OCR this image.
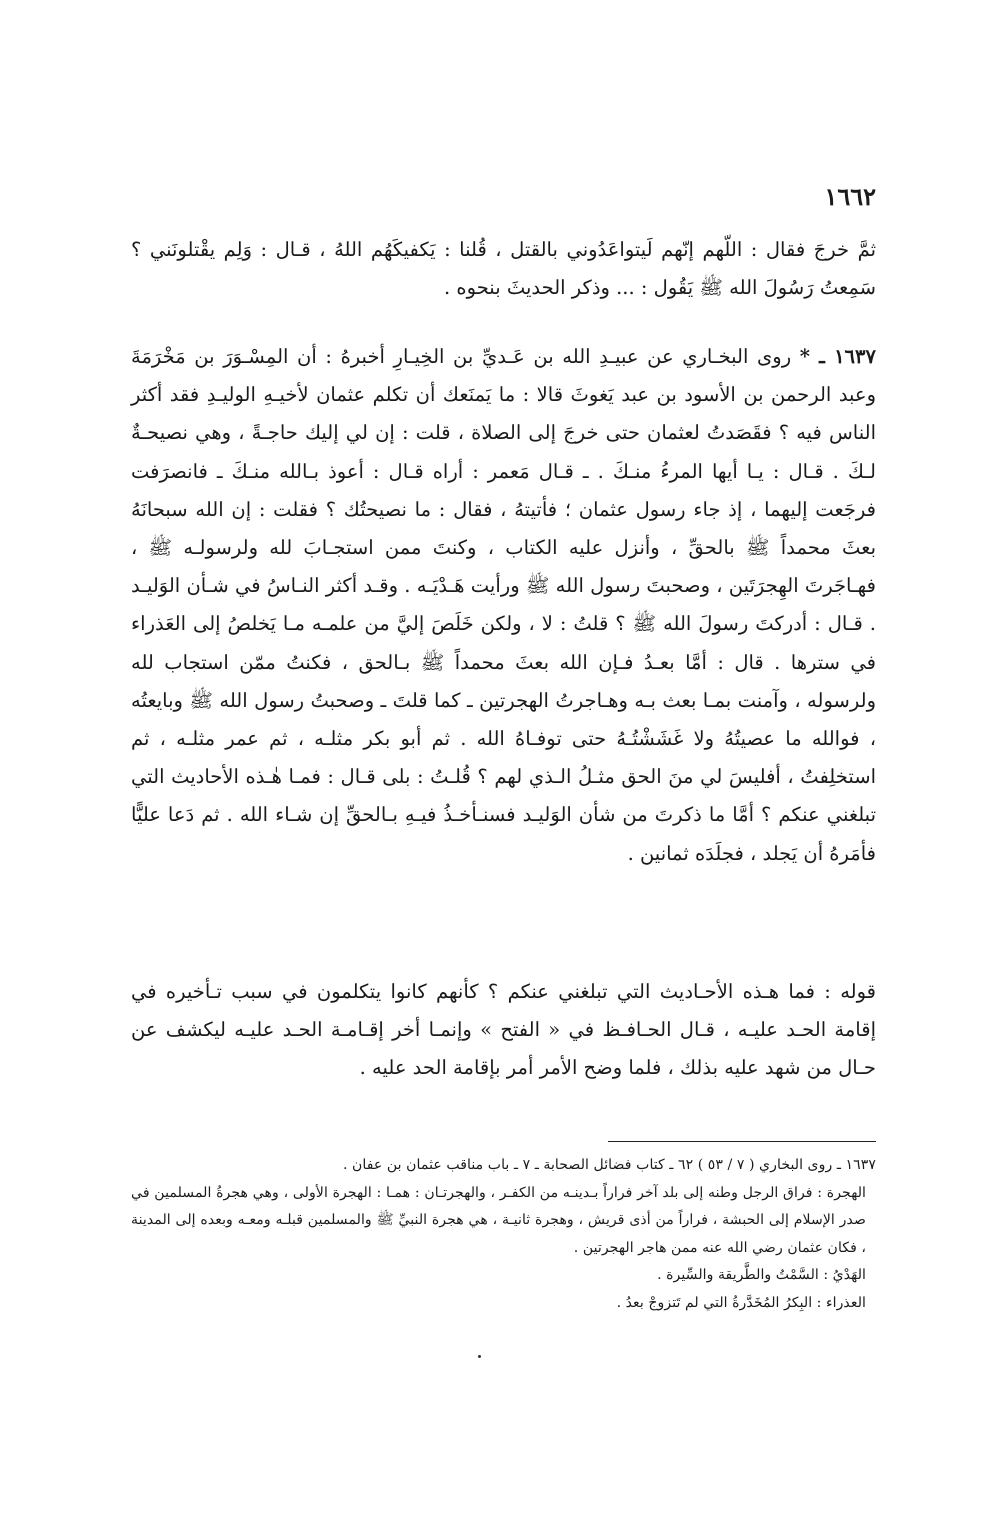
١٦٦٢

ثمَّ خرجَ فقال : اللّهم إنّهم لَيتواعَدُوني بالقتل ، قُلنا : يَكفيكَهُم اللهُ ، قـال : وَلِم يقْتلونَني ؟ سَمِعتُ رَسُولَ الله ﷺ يَقُول : ... وذكر الحديثَ بنحوه .

١٦٣٧ ـ * روى البخـاري عن عبيـدِ الله بن عَـديِّ بن الخِيـارِ أخبرهُ : أن المِسْـوَرَ بن مَخْرَمَةَ وعبد الرحمن بن الأسود بن عبد يَغوثَ قالا : ما يَمنَعك أن تكلم عثمان لأخيـهِ الوليـدِ فقد أكثر الناس فيه ؟ فقَصَدتُ لعثمان حتى خرجَ إلى الصلاة ، قلت : إن لي إليك حاجـةً ، وهي نصيحـةٌ لـكَ . قـال : يـا أيها المرءُ منـكَ . ـ قـال مَعمر : أراه قـال : أعوذ بـالله منـكَ ـ فانصرَفت فرجَعت إليهما ، إذ جاء رسول عثمان ؛ فأتيتهُ ، فقال : ما نصيحتُك ؟ فقلت : إن الله سبحانَهُ بعثَ محمداً ﷺ بالحقِّ ، وأنزل عليه الكتاب ، وكنتَ ممن استجـابَ لله ولرسولـه ﷺ ، فهـاجَرتَ الهِجرَتَين ، وصحبتَ رسول الله ﷺ ورأيت هَـدْيَـه . وقـد أكثر النـاسُ في شـأن الوَليـد . قـال : أدركتَ رسولَ الله ﷺ ؟ قلتُ : لا ، ولكن خَلَصَ إليَّ من علمـه مـا يَخلصُ إلى العَذراء في سترها . قال : أمَّا بعـدُ فـإن الله بعثَ محمداً ﷺ بـالحق ، فكنتُ ممّن استجاب لله ولرسوله ، وآمنت بمـا بعث بـه وهـاجرتُ الهجرتين ـ كما قلتَ ـ وصحبتُ رسول الله ﷺ وبايعتُه ، فوالله ما عصيتُهُ ولا غَشَشْتُـهُ حتى توفـاهُ الله . ثم أبو بكر مثلـه ، ثم عمر مثلـه ، ثم استخلِفتُ ، أفليسَ لي منَ الحق مثـلُ الـذي لهم ؟ قُلـتُ : بلى قـال : فمـا هٰـذه الأحاديث التي تبلغني عنكم ؟ أمَّا ما ذكرتَ من شأن الوَليـد فسنـأخـذُ فيـهِ بـالحقِّ إن شـاء الله . ثم دَعا عليًّا فأمَرهُ أن يَجلد ، فجلَدَه ثمانين .

قوله : فما هـذه الأحـاديث التي تبلغني عنكم ؟ كأنهم كانوا يتكلمون في سبب تـأخيره في إقامة الحـد عليـه ، قـال الحـافـظ في « الفتح » وإنمـا أخر إقـامـة الحـد عليـه ليكشف عن حـال من شهد عليه بذلك ، فلما وضح الأمر أمر بإقامة الحد عليه .

١٦٣٧ ـ روى البخاري ( ٧ / ٥٣ ) ٦٢ ـ كتاب فضائل الصحابة ـ ٧ ـ باب مناقب عثمان بن عفان .

الهجرة : فراق الرجل وطنه إلى بلد آخر فراراً بـدينـه من الكفـر ، والهجرتـان : همـا : الهجرة الأولى ، وهي هجرةُ المسلمين في صدر الإسلام إلى الحبشة ، فراراً من أذى قريش ، وهجرة ثانيـة ، هي هجرة النبيِّ ﷺ والمسلمين قبلـه ومعـه وبعده إلى المدينة ، فكان عثمان رضي الله عنه ممن هاجر الهجرتين .

الهَدْيُ : السَّمْتُ والطَّريقة والسِّيرة .

العذراء : البِكرُ المُخَدَّرةُ التي لم تَتزوجْ بعدُ .
